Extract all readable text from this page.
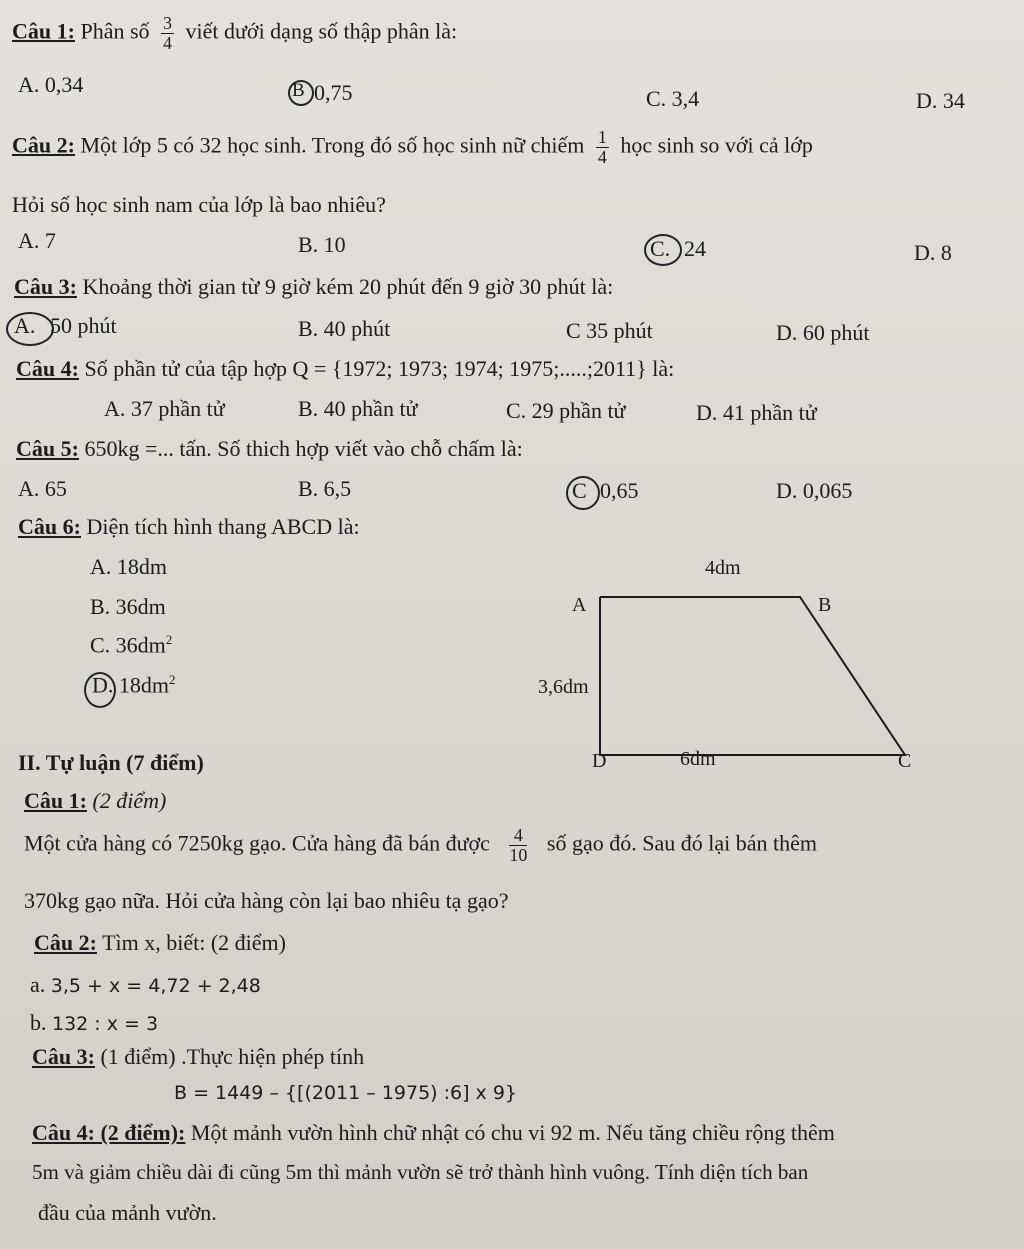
Câu 1: Phân số $\frac{3}{4}$ viết dưới dạng số thập phân là:
A. 0,34	B 0,75	C. 3,4	D. 34
Câu 2: Một lớp 5 có 32 học sinh. Trong đó số học sinh nữ chiếm $\frac{1}{4}$ học sinh so với cả lớp
Hỏi số học sinh nam của lớp là bao nhiêu?
A. 7	B. 10	C. 24	D. 8
Câu 3: Khoảng thời gian từ 9 giờ kém 20 phút đến 9 giờ 30 phút là:
A. 50 phút	B. 40 phút	C 35 phút	D. 60 phút
Câu 4: Số phần tử của tập hợp Q = {1972; 1973; 1974; 1975;.....;2011} là:
A. 37 phần tử	B. 40 phần tử	C. 29 phần tử	D. 41 phần tử
Câu 5: 650kg =... tấn. Số thich hợp viết vào chỗ chấm là:
A. 65	B. 6,5	C 0,65	D. 0,065
Câu 6: Diện tích hình thang ABCD là:
A. 18dm
B. 36dm
C. $36dm^2$
D. $18dm^2$
4dm
A	B
3,6dm
D	6dm	C
II. Tự luận (7 điểm)
Câu 1: (2 điểm)
Một cửa hàng có 7250kg gạo. Cửa hàng đã bán được $\frac{4}{10}$ số gạo đó. Sau đó lại bán thêm
370kg gạo nữa. Hỏi cửa hàng còn lại bao nhiêu tạ gạo?
Câu 2: Tìm x, biết: (2 điểm)
a. 3,5 + x = 4,72 + 2,48
b. 132 : x = 3
Câu 3: (1 điểm) .Thực hiện phép tính
B = 1449 – {[(2011 – 1975) :6] x 9}
Câu 4: (2 điểm): Một mảnh vườn hình chữ nhật có chu vi 92 m. Nếu tăng chiều rộng thêm
5m và giảm chiều dài đi cũng 5m thì mảnh vườn sẽ trở thành hình vuông. Tính diện tích ban
đầu của mảnh vườn.
